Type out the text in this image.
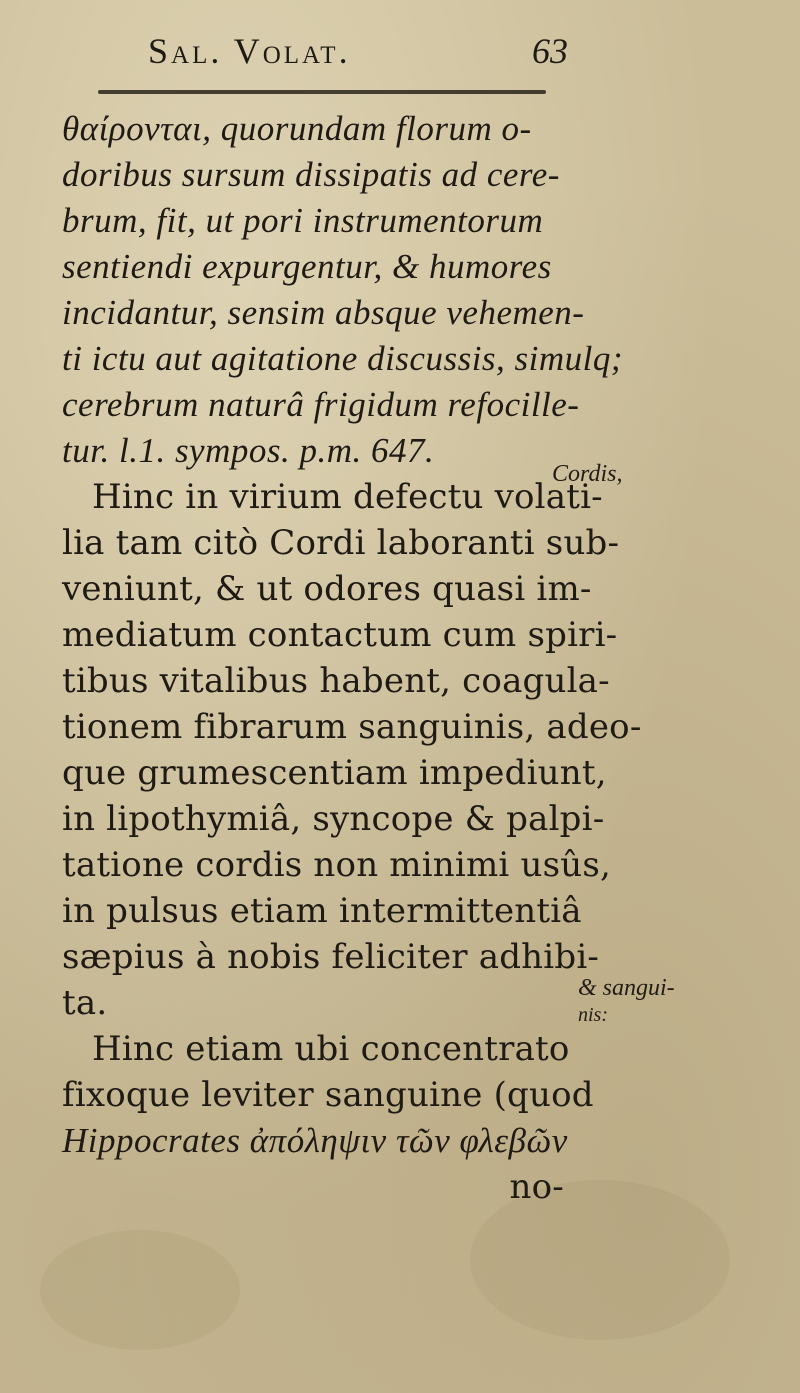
Sal. Volat.	63
θαίρονται, quorundam florum o-
doribus sursum dissipatis ad cere-
brum, fit, ut pori instrumentorum
sentiendi expurgentur, & humores
incidantur, sensim absque vehemen-
ti ictu aut agitatione discussis, simulq;
cerebrum naturâ frigidum refocille-
tur. l.1. sympos. p.m. 647.
Hinc in virium defectu volati-
lia tam citò Cordi laboranti sub-
veniunt, & ut odores quasi im-
mediatum contactum cum spiri-
tibus vitalibus habent, coagula-
tionem fibrarum sanguinis, adeo-
que grumescentiam impediunt,
in lipothymiâ, syncope & palpi-
tatione cordis non minimi usûs,
in pulsus etiam intermittentiâ
sæpius à nobis feliciter adhibi-
ta.
Hinc etiam ubi concentrato
fixoque leviter sanguine (quod
Hippocrates ἀπόληψιν τῶν φλεβῶν
no-
Cordis,
& sangui-
nis:
